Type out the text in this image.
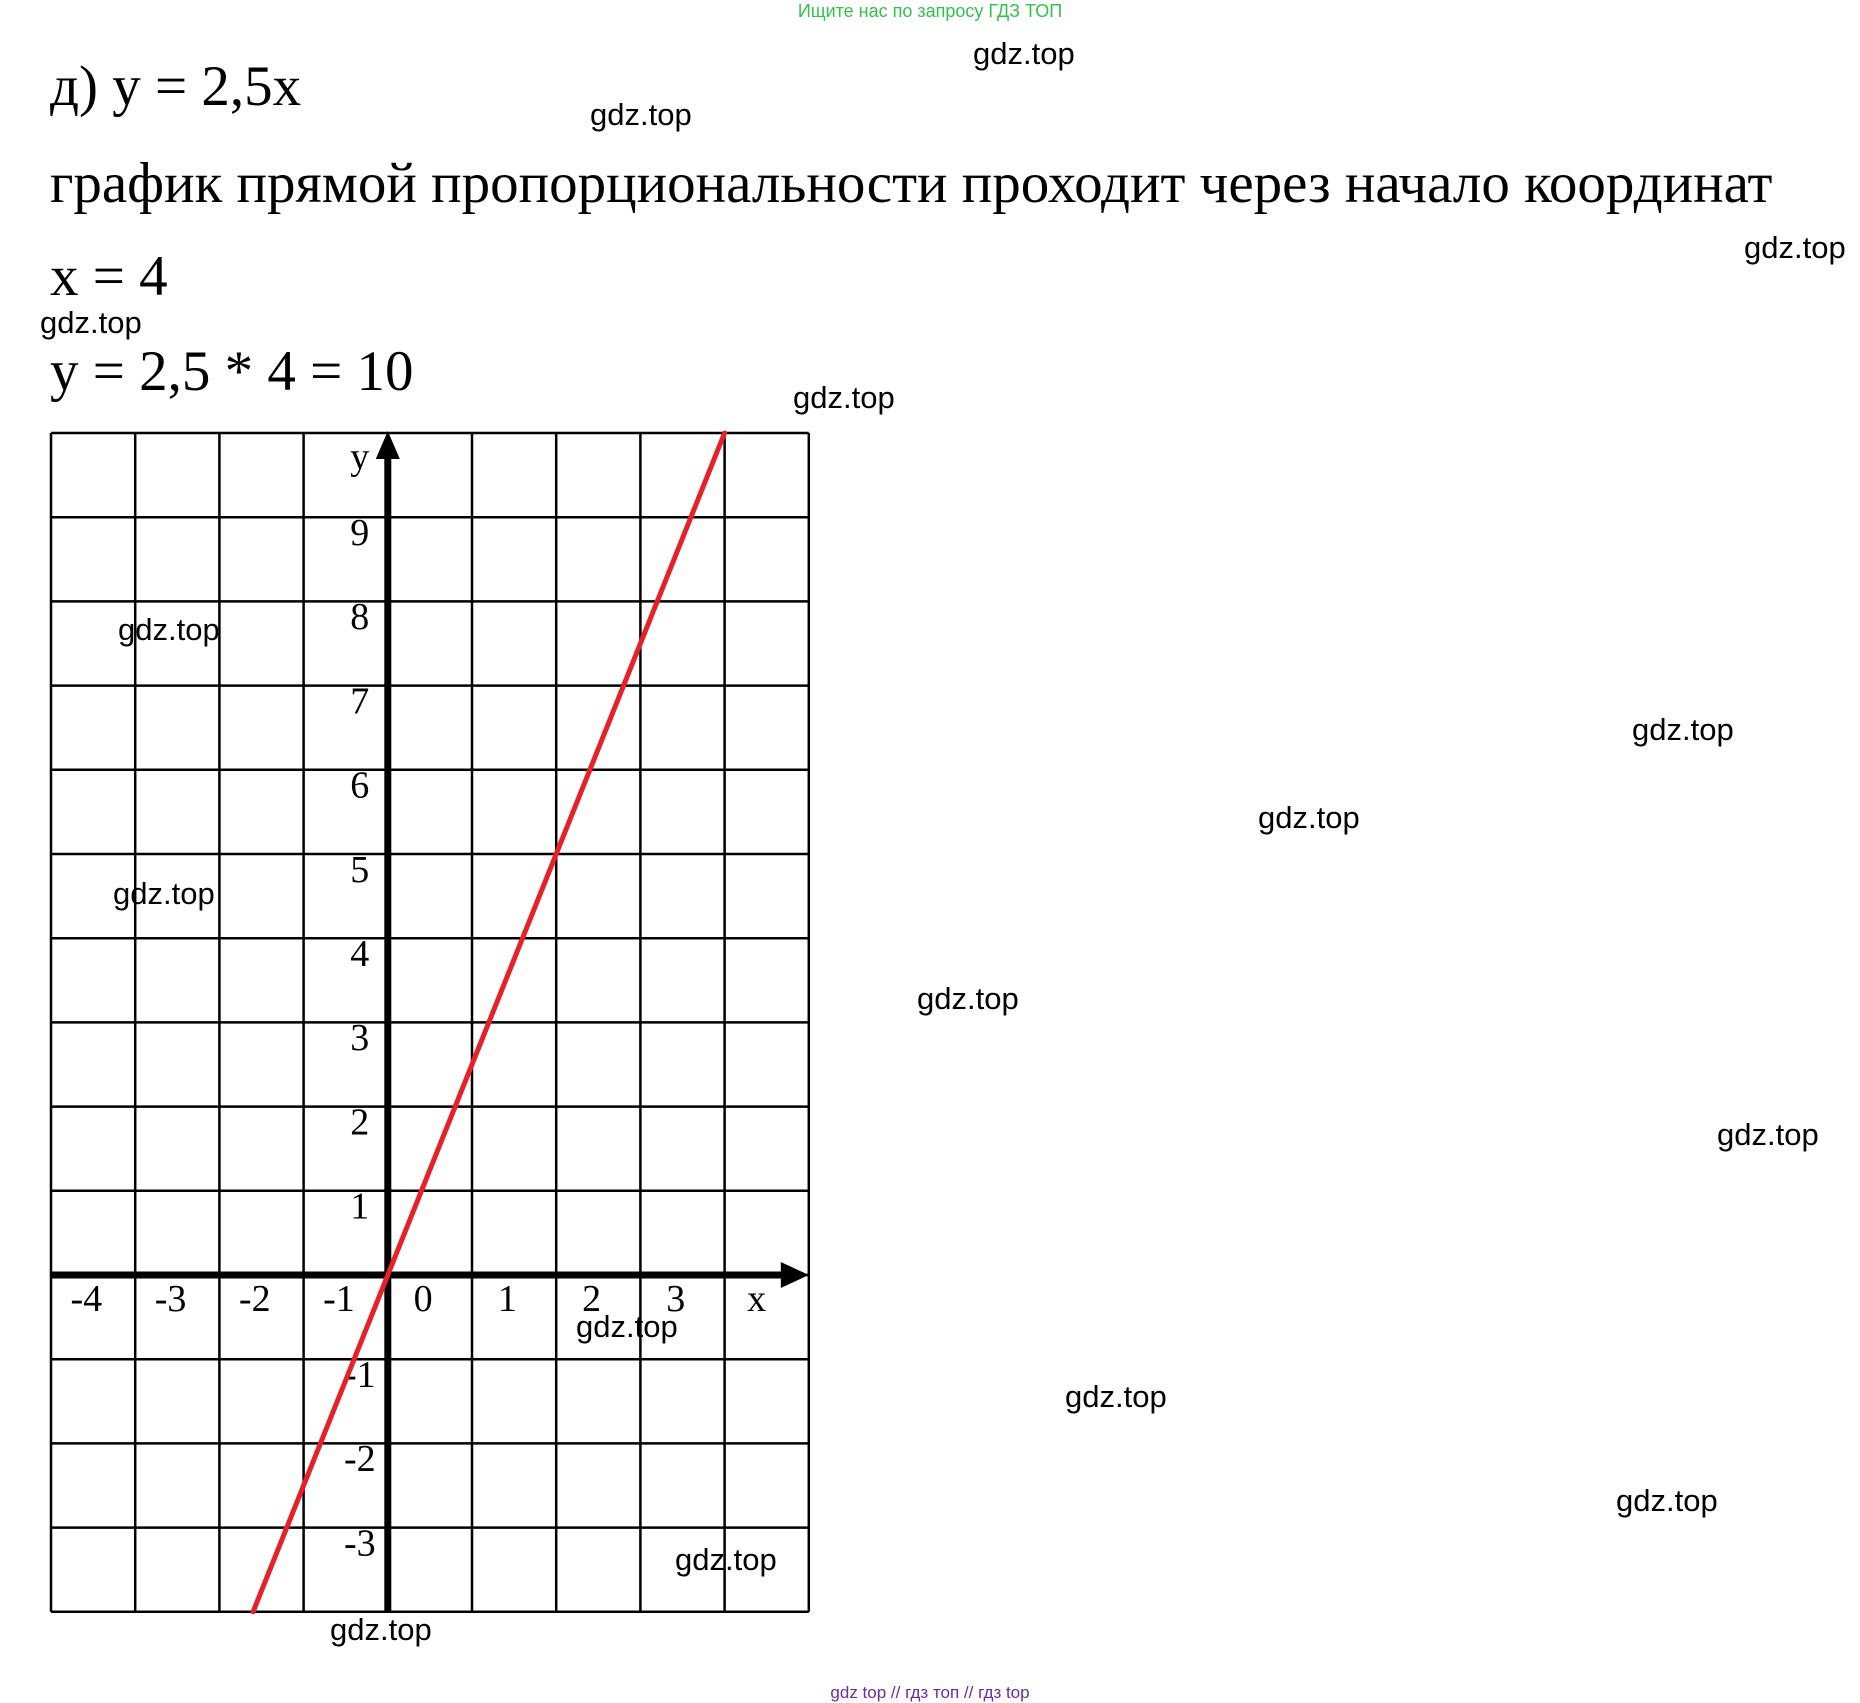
Ищите нас по запросу ГДЗ ТОП
д) y = 2,5x
график прямой пропорциональности проходит через начало координат
x = 4
y = 2,5 * 4 = 10
-4 -3 -2 -1 0 1 2 3 x
9
8
7
6
5
4
3
2
1
-1
-2
-3
y
gdz.top
gdz.top
gdz.top
gdz.top
gdz.top
gdz.top
gdz.top
gdz.top
gdz.top
gdz.top
gdz.top
gdz.top
gdz.top
gdz.top
gdz.top
gdz.top
gdz top // гдз топ // гдз top
